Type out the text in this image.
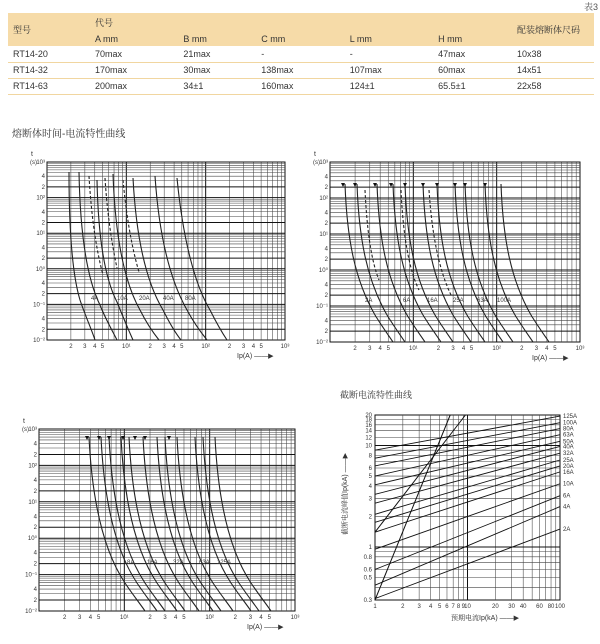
表3
型号	代号					配装熔断体尺码
	A mm	B mm	C mm	L mm	H mm	
RT14-20	70max	21max	-	-	47max	10x38
RT14-32	170max	30max	138max	107max	60max	14x51
RT14-63	200max	34±1	160max	124±1	65.5±1	22x58
熔断体时间-电流特性曲线
截断电流特性曲线
10³
4
2
10²
4
2
10¹
4
2
10⁰
4
2
10⁻¹
4
2
10⁻²
2 3 4 5	10¹	2 3 4 5	10²	2 3 4 5	10³
t
(s)
Ip(A) ——▶
4A	10A 20A 40A 80A
10³
4
2
10²
4
2
10¹
4
2
10⁰
4
2
10⁻¹
4
2
10⁻²
2 3 4 5	10¹	2 3 4 5	10²	2 3 4 5	10³
t
(s)
Ip(A) ——▶
2A	6A	16A	25A 63A 100A
10³
4
2
10²
4
2
10¹
4
2
10⁰
4
2
10⁻¹
4
2
10⁻²
2 3 4 5	10¹	2 3 4 5	10²	2 3 4 5	10³
t
(s)
Ip(A) ——▶
8A 16A	32A	63A 125A
1	2 3 4 5 6 7 8 9 10	20 30 40 60 80 100
20
18
16
14
12
10
8
6
5
4
3
2
1
0.8
0.6
0.5
0.3
预期电流Ip(kA) ——▶
截断电流峰值Ip(kA) ——▶
125A
100A
80A
63A
50A
40A
32A
25A
20A
16A
10A
6A
4A
2A
